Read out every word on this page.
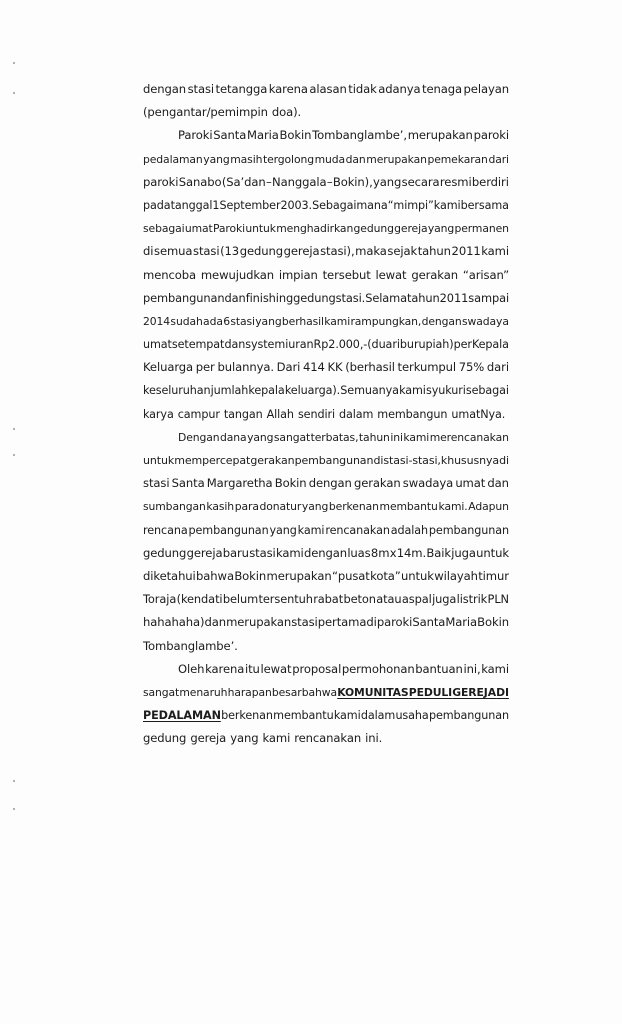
dengan stasi tetangga karena alasan tidak adanya tenaga pelayan
(pengantar/pemimpin doa).
Paroki Santa Maria Bokin Tombanglambe’, merupakan paroki
pedalaman yang masih tergolong muda dan merupakan pemekaran dari
paroki Sanabo (Sa’dan – Nanggala – Bokin), yang secara resmi berdiri
pada tanggal 1 September 2003. Sebagaimana “mimpi” kami bersama
sebagai umat Paroki untuk menghadirkan gedung gereja yang permanen
di semua stasi (13 gedung gereja stasi), maka sejak tahun 2011 kami
mencoba mewujudkan impian tersebut lewat gerakan “arisan”
pembangunan dan finishing gedung stasi. Selama tahun 2011 sampai
2014 sudah ada 6 stasi yang berhasil kami rampungkan, dengan swadaya
umat setempat dan system iuran Rp 2.000,- (dua ribu rupiah) per Kepala
Keluarga per bulannya. Dari 414 KK (berhasil terkumpul 75% dari
keseluruhan jumlah kepala keluarga). Semuanya kami syukuri sebagai
karya campur tangan Allah sendiri dalam membangun umatNya.
Dengan dana yang sangat terbatas, tahun ini kami merencanakan
untuk mempercepat gerakan pembangunan di stasi-stasi, khususnya di
stasi Santa Margaretha Bokin dengan gerakan swadaya umat dan
sumbangan kasih para donatur yang berkenan membantu kami. Adapun
rencana pembangunan yang kami rencanakan adalah pembangunan
gedung gereja baru stasi kami dengan luas 8m x 14m. Baik juga untuk
diketahui bahwa Bokin merupakan “pusat kota” untuk wilayah timur
Toraja (kendati belum tersentuh rabat beton atau aspal juga listrik PLN
hahahaha) dan merupakan stasi pertama di paroki Santa Maria Bokin
Tombanglambe’.
Oleh karena itu lewat proposal permohonan bantuan ini, kami
sangat menaruh harapan besar bahwa KOMUNITAS PEDULI GEREJA DI
PEDALAMAN berkenan membantu kami dalam usaha pembangunan
gedung gereja yang kami rencanakan ini.
